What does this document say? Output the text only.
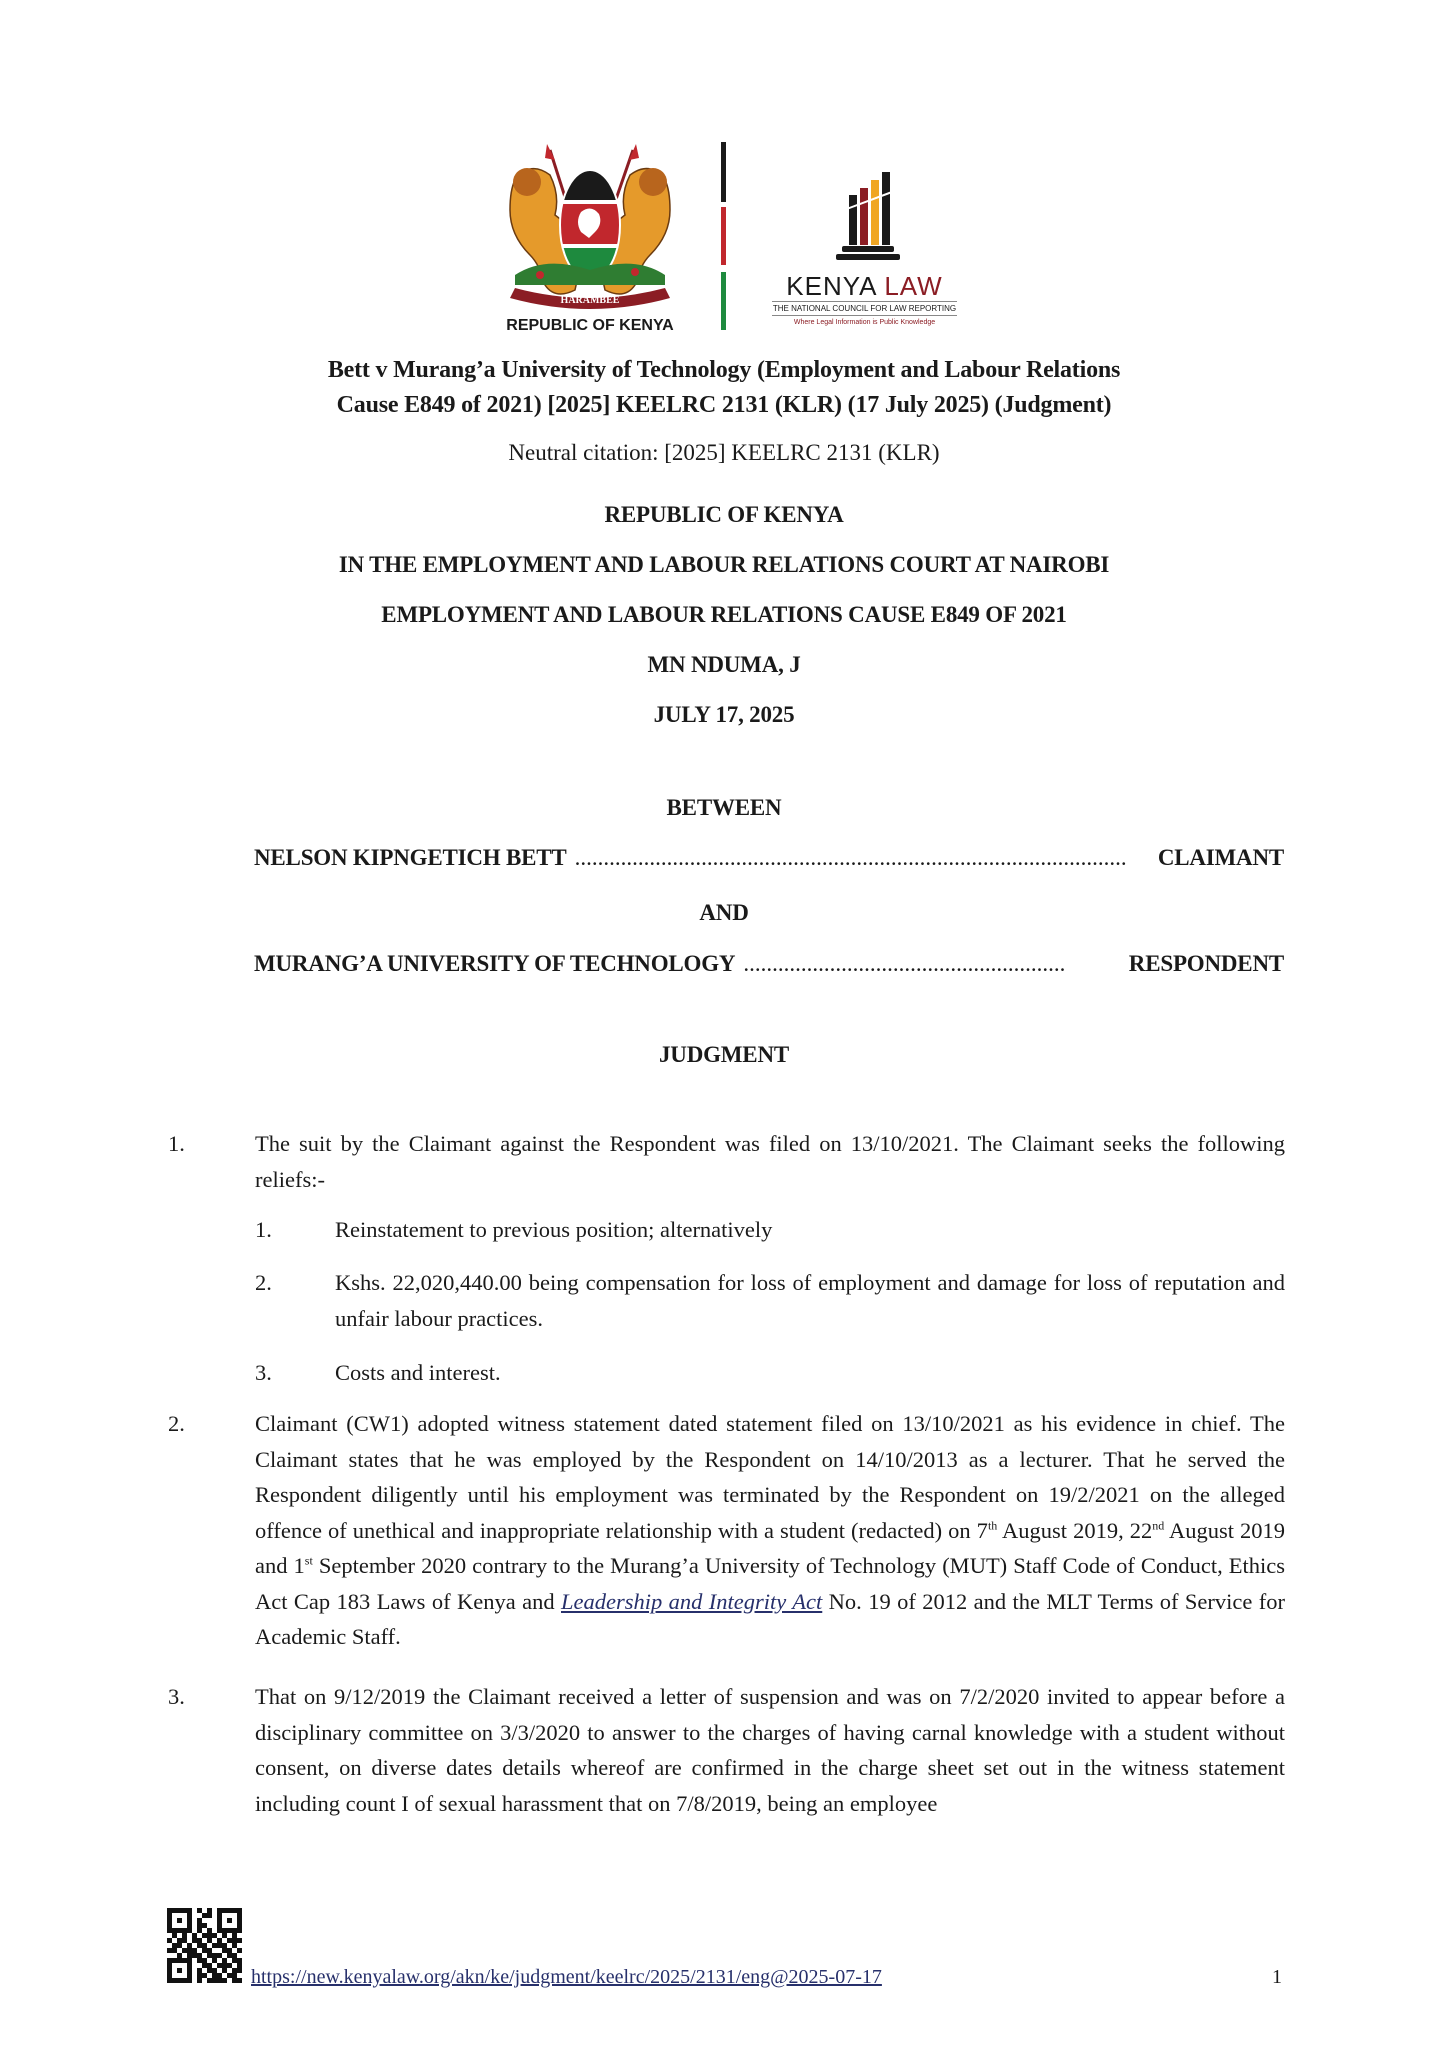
HARAMBEE
REPUBLIC OF KENYA
KENYA LAW
THE NATIONAL COUNCIL FOR LAW REPORTING
Where Legal Information is Public Knowledge
Bett v Murang’a University of Technology (Employment and Labour Relations
Cause E849 of 2021) [2025] KEELRC 2131 (KLR) (17 July 2025) (Judgment)
Neutral citation: [2025] KEELRC 2131 (KLR)
REPUBLIC OF KENYA
IN THE EMPLOYMENT AND LABOUR RELATIONS COURT AT NAIROBI
EMPLOYMENT AND LABOUR RELATIONS CAUSE E849 OF 2021
MN NDUMA, J
JULY 17, 2025
BETWEEN
NELSON KIPNGETICH BETT ................................................................................................	CLAIMANT
AND
MURANG’A UNIVERSITY OF TECHNOLOGY ........................................................	RESPONDENT
JUDGMENT
1.	The suit by the Claimant against the Respondent was filed on 13/10/2021. The Claimant seeks the following reliefs:-
1.	Reinstatement to previous position; alternatively
2.	Kshs. 22,020,440.00 being compensation for loss of employment and damage for loss of reputation and unfair labour practices.
3.	Costs and interest.
2.	Claimant (CW1) adopted witness statement dated statement filed on 13/10/2021 as his evidence in chief. The Claimant states that he was employed by the Respondent on 14/10/2013 as a lecturer. That he served the Respondent diligently until his employment was terminated by the Respondent on 19/2/2021 on the alleged offence of unethical and inappropriate relationship with a student (redacted) on 7th August 2019, 22nd August 2019 and 1st September 2020 contrary to the Murang’a University of Technology (MUT) Staff Code of Conduct, Ethics Act Cap 183 Laws of Kenya and Leadership and Integrity Act No. 19 of 2012 and the MLT Terms of Service for Academic Staff.
3.	That on 9/12/2019 the Claimant received a letter of suspension and was on 7/2/2020 invited to appear before a disciplinary committee on 3/3/2020 to answer to the charges of having carnal knowledge with a student without consent, on diverse dates details whereof are confirmed in the charge sheet set out in the witness statement including count I of sexual harassment that on 7/8/2019, being an employee
https://new.kenyalaw.org/akn/ke/judgment/keelrc/2025/2131/eng@2025-07-17	1
